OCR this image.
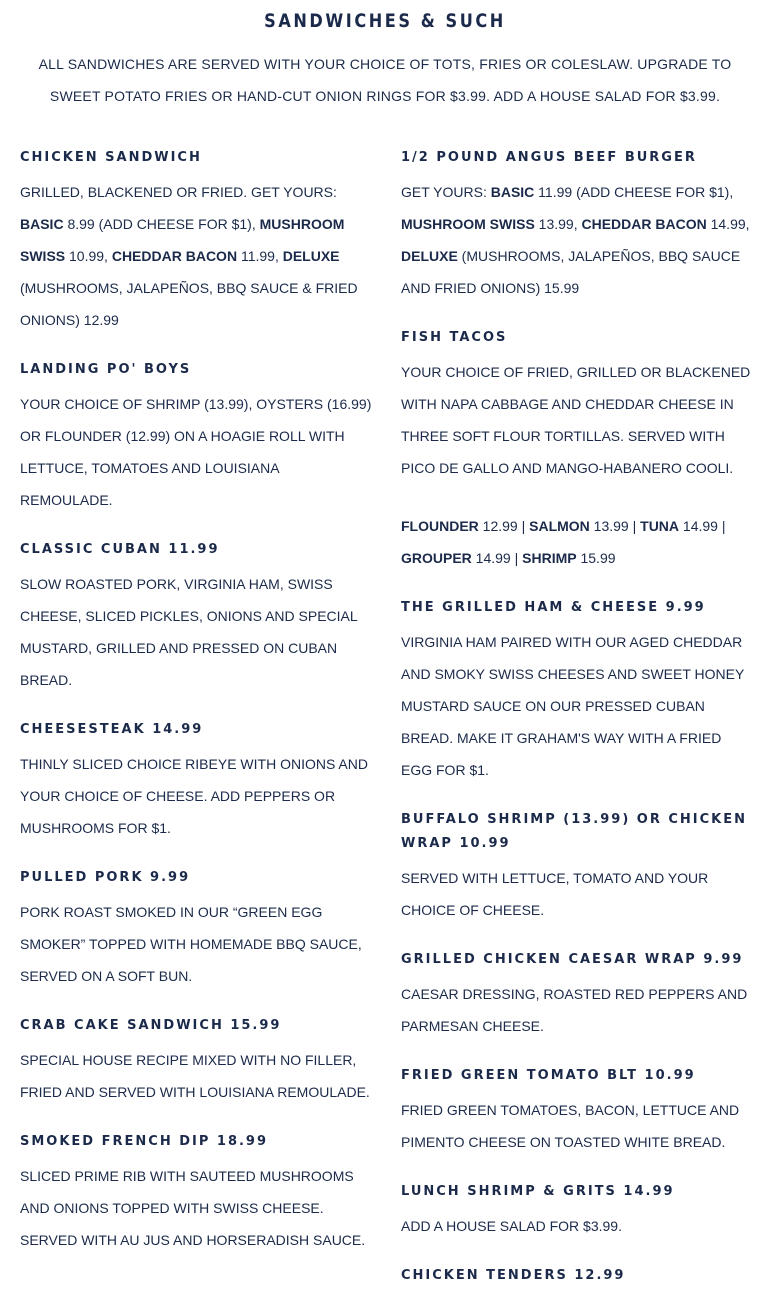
SANDWICHES & SUCH
ALL SANDWICHES ARE SERVED WITH YOUR CHOICE OF TOTS, FRIES OR COLESLAW. UPGRADE TO SWEET POTATO FRIES OR HAND-CUT ONION RINGS FOR $3.99. ADD A HOUSE SALAD FOR $3.99.
CHICKEN SANDWICH
GRILLED, BLACKENED OR FRIED. GET YOURS: BASIC 8.99 (ADD CHEESE FOR $1), MUSHROOM SWISS 10.99, CHEDDAR BACON 11.99, DELUXE (MUSHROOMS, JALAPEÑOS, BBQ SAUCE & FRIED ONIONS) 12.99
LANDING PO' BOYS
YOUR CHOICE OF SHRIMP (13.99), OYSTERS (16.99) OR FLOUNDER (12.99) ON A HOAGIE ROLL WITH LETTUCE, TOMATOES AND LOUISIANA REMOULADE.
CLASSIC CUBAN 11.99
SLOW ROASTED PORK, VIRGINIA HAM, SWISS CHEESE, SLICED PICKLES, ONIONS AND SPECIAL MUSTARD, GRILLED AND PRESSED ON CUBAN BREAD.
CHEESESTEAK 14.99
THINLY SLICED CHOICE RIBEYE WITH ONIONS AND YOUR CHOICE OF CHEESE. ADD PEPPERS OR MUSHROOMS FOR $1.
PULLED PORK 9.99
PORK ROAST SMOKED IN OUR “GREEN EGG SMOKER” TOPPED WITH HOMEMADE BBQ SAUCE, SERVED ON A SOFT BUN.
CRAB CAKE SANDWICH 15.99
SPECIAL HOUSE RECIPE MIXED WITH NO FILLER, FRIED AND SERVED WITH LOUISIANA REMOULADE.
SMOKED FRENCH DIP 18.99
SLICED PRIME RIB WITH SAUTEED MUSHROOMS AND ONIONS TOPPED WITH SWISS CHEESE. SERVED WITH AU JUS AND HORSERADISH SAUCE.
1/2 POUND ANGUS BEEF BURGER
GET YOURS: BASIC 11.99 (ADD CHEESE FOR $1), MUSHROOM SWISS 13.99, CHEDDAR BACON 14.99, DELUXE (MUSHROOMS, JALAPEÑOS, BBQ SAUCE AND FRIED ONIONS) 15.99
FISH TACOS
YOUR CHOICE OF FRIED, GRILLED OR BLACKENED WITH NAPA CABBAGE AND CHEDDAR CHEESE IN THREE SOFT FLOUR TORTILLAS. SERVED WITH PICO DE GALLO AND MANGO-HABANERO COOLI.
FLOUNDER 12.99 | SALMON 13.99 | TUNA 14.99 | GROUPER 14.99 | SHRIMP 15.99
THE GRILLED HAM & CHEESE 9.99
VIRGINIA HAM PAIRED WITH OUR AGED CHEDDAR AND SMOKY SWISS CHEESES AND SWEET HONEY MUSTARD SAUCE ON OUR PRESSED CUBAN BREAD. MAKE IT GRAHAM'S WAY WITH A FRIED EGG FOR $1.
BUFFALO SHRIMP (13.99) OR CHICKEN WRAP 10.99
SERVED WITH LETTUCE, TOMATO AND YOUR CHOICE OF CHEESE.
GRILLED CHICKEN CAESAR WRAP 9.99
CAESAR DRESSING, ROASTED RED PEPPERS AND PARMESAN CHEESE.
FRIED GREEN TOMATO BLT 10.99
FRIED GREEN TOMATOES, BACON, LETTUCE AND PIMENTO CHEESE ON TOASTED WHITE BREAD.
LUNCH SHRIMP & GRITS 14.99
ADD A HOUSE SALAD FOR $3.99.
CHICKEN TENDERS 12.99
